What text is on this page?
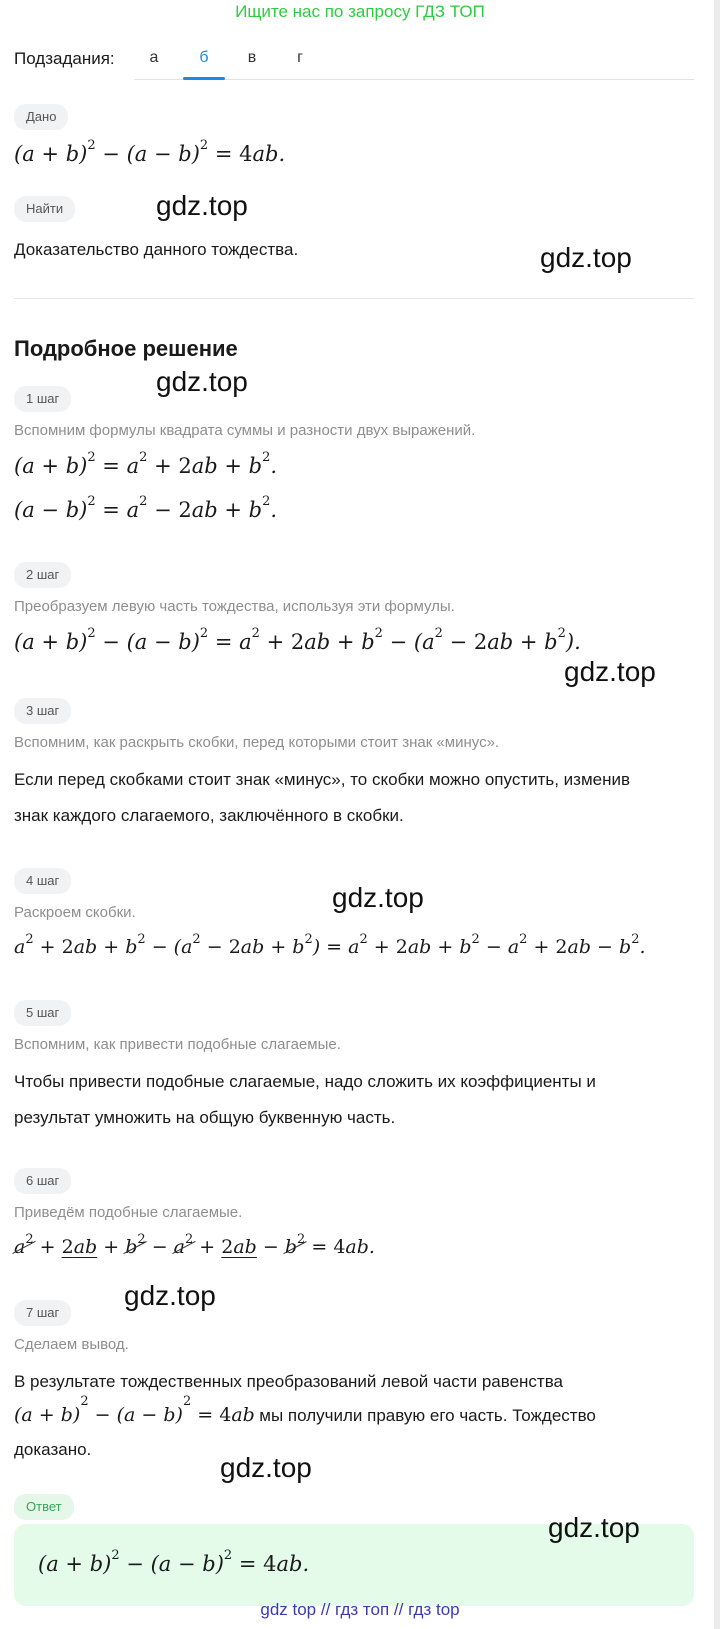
Ищите нас по запросу ГДЗ ТОП
Подзадания:	а	б	в	г
Дано
$(a + b)^2 - (a - b)^2 = 4ab$.
Найти
Доказательство данного тождества.
Подробное решение
1 шаг
Вспомним формулы квадрата суммы и разности двух выражений.
$(a + b)^2 = a^2 + 2ab + b^2$.
$(a - b)^2 = a^2 - 2ab + b^2$.
2 шаг
Преобразуем левую часть тождества, используя эти формулы.
$(a + b)^2 - (a - b)^2 = a^2 + 2ab + b^2 - (a^2 - 2ab + b^2)$.
3 шаг
Вспомним, как раскрыть скобки, перед которыми стоит знак «минус».
Если перед скобками стоит знак «минус», то скобки можно опустить, изменив
знак каждого слагаемого, заключённого в скобки.
4 шаг
Раскроем скобки.
$a^2 + 2ab + b^2 - (a^2 - 2ab + b^2) = a^2 + 2ab + b^2 - a^2 + 2ab - b^2$.
5 шаг
Вспомним, как привести подобные слагаемые.
Чтобы привести подобные слагаемые, надо сложить их коэффициенты и
результат умножить на общую буквенную часть.
6 шаг
Приведём подобные слагаемые.
$a^2 + 2ab + b^2 - a^2 + 2ab - b^2 = 4ab$.
7 шаг
Сделаем вывод.
В результате тождественных преобразований левой части равенства
$(a + b)^2 - (a - b)^2 = 4ab$ мы получили правую его часть. Тождество
доказано.
Ответ
$(a + b)^2 - (a - b)^2 = 4ab$.
gdz.top
gdz.top
gdz.top
gdz.top
gdz.top
gdz.top
gdz.top
gdz.top
gdz top // гдз топ // гдз top
